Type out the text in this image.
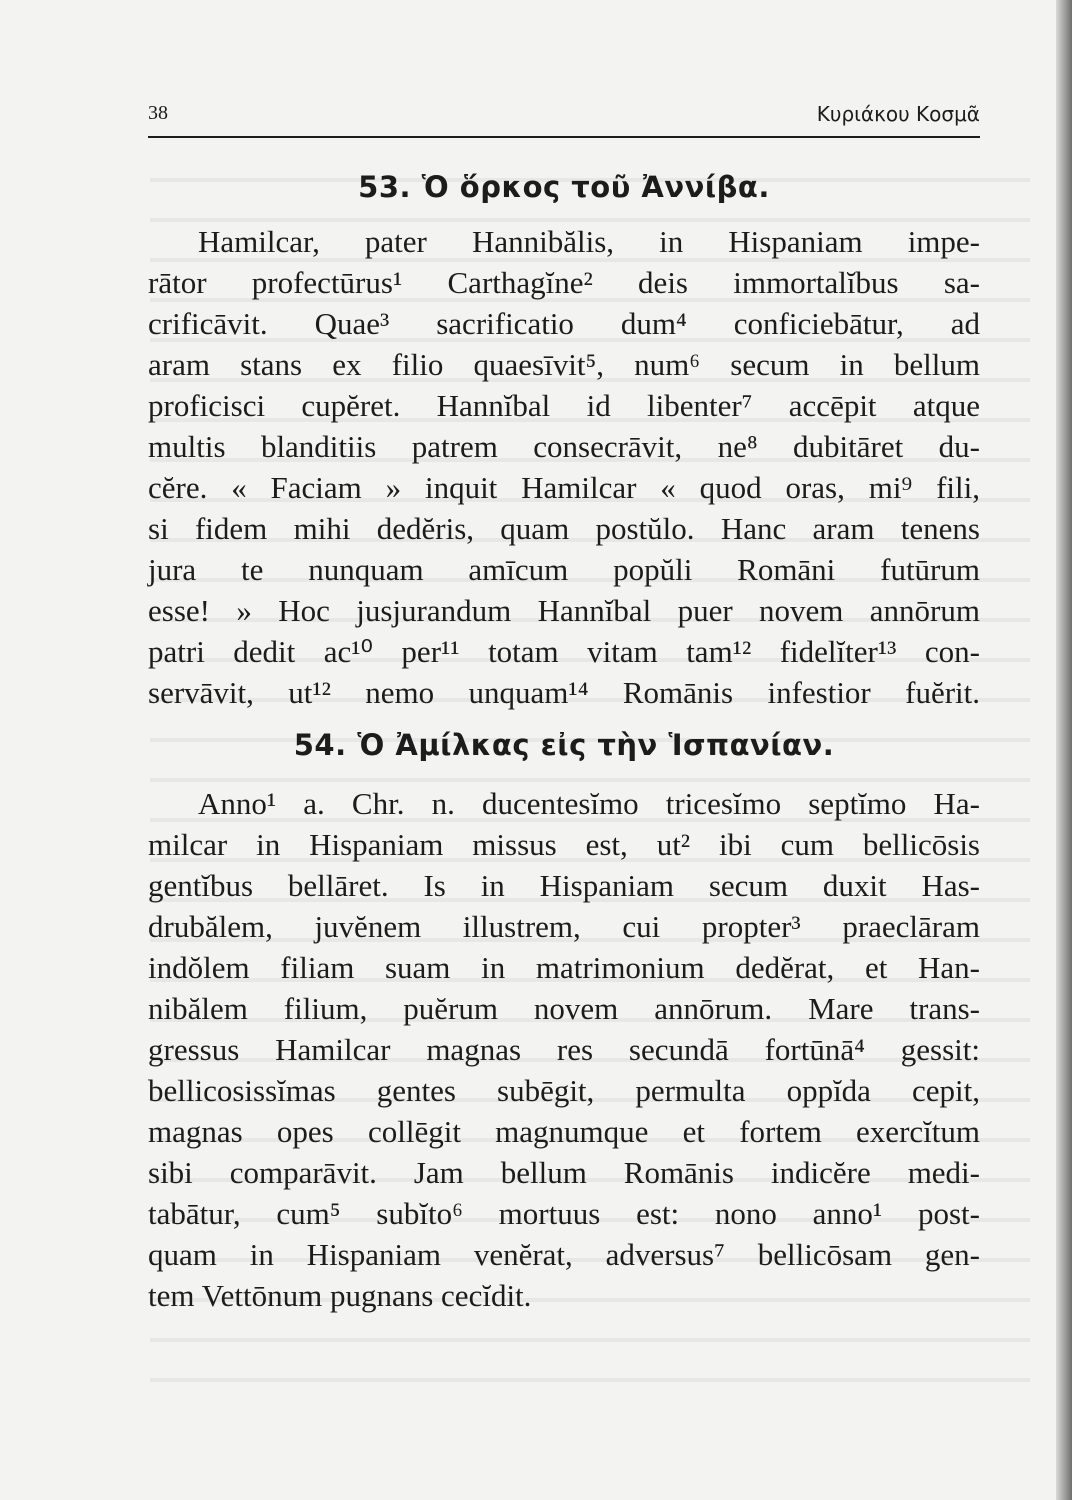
38	Κυριάκου Κοσμᾶ
53. Ὁ ὅρκος τοῦ Ἀννίβα.
Hamilcar, pater Hannibălis, in Hispaniam impe-
rātor profectūrus¹ Carthagĭne² deis immortalĭbus sa-
crificāvit. Quae³ sacrificatio dum⁴ conficiebātur, ad
aram stans ex filio quaesīvit⁵, num⁶ secum in bellum
proficisci cupĕret. Hannĭbal id libenter⁷ accēpit atque
multis blanditiis patrem consecrāvit, ne⁸ dubitāret du-
cĕre. « Faciam » inquit Hamilcar « quod oras, mi⁹ fili,
si fidem mihi dedĕris, quam postŭlo. Hanc aram tenens
jura te nunquam amīcum popŭli Romāni futūrum
esse! » Hoc jusjurandum Hannĭbal puer novem annōrum
patri dedit ac¹⁰ per¹¹ totam vitam tam¹² fidelĭter¹³ con-
servāvit, ut¹² nemo unquam¹⁴ Romānis infestior fuĕrit.
54. Ὁ Ἀμίλκας εἰς τὴν Ἱσπανίαν.
Anno¹ a. Chr. n. ducentesĭmo tricesĭmo septĭmo Ha-
milcar in Hispaniam missus est, ut² ibi cum bellicōsis
gentĭbus bellāret. Is in Hispaniam secum duxit Has-
drubălem, juvĕnem illustrem, cui propter³ praeclāram
indŏlem filiam suam in matrimonium dedĕrat, et Han-
nibălem filium, puĕrum novem annōrum. Mare trans-
gressus Hamilcar magnas res secundā fortūnā⁴ gessit:
bellicosissĭmas gentes subēgit, permulta oppĭda cepit,
magnas opes collēgit magnumque et fortem exercĭtum
sibi comparāvit. Jam bellum Romānis indicĕre medi-
tabātur, cum⁵ subĭto⁶ mortuus est: nono anno¹ post-
quam in Hispaniam venĕrat, adversus⁷ bellicōsam gen-
tem Vettōnum pugnans cecĭdit.
